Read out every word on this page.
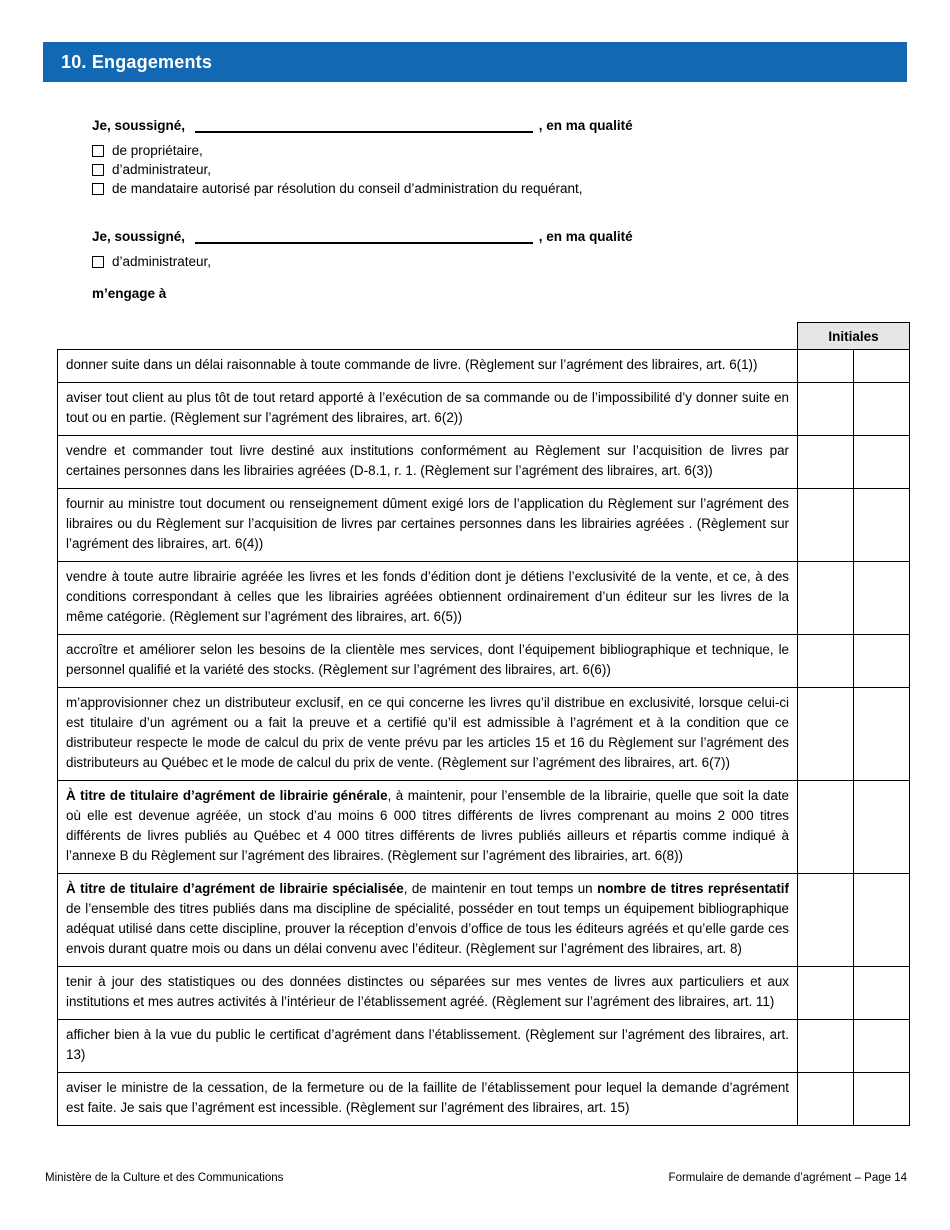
10. Engagements
Je, soussigné,	, en ma qualité
de propriétaire,
d’administrateur,
de mandataire autorisé par résolution du conseil d’administration du requérant,
Je, soussigné,	, en ma qualité
d’administrateur,
m’engage à
	Initiales	
donner suite dans un délai raisonnable à toute commande de livre. (Règlement sur l’agrément des libraires, art. 6(1))		
aviser tout client au plus tôt de tout retard apporté à l’exécution de sa commande ou de l’impossibilité d’y donner suite en tout ou en partie. (Règlement sur l’agrément des libraires, art. 6(2))		
vendre et commander tout livre destiné aux institutions conformément au Règlement sur l’acquisition de livres par certaines personnes dans les librairies agréées (D-8.1, r. 1. (Règlement sur l’agrément des libraires, art. 6(3))		
fournir au ministre tout document ou renseignement dûment exigé lors de l’application du Règlement sur l’agrément des libraires ou du Règlement sur l’acquisition de livres par certaines personnes dans les librairies agréées . (Règlement sur l’agrément des libraires, art. 6(4))		
vendre à toute autre librairie agréée les livres et les fonds d’édition dont je détiens l’exclusivité de la vente, et ce, à des conditions correspondant à celles que les librairies agréées obtiennent ordinairement d’un éditeur sur les livres de la même catégorie. (Règlement sur l’agrément des libraires, art. 6(5))		
accroître et améliorer selon les besoins de la clientèle mes services, dont l’équipement bibliographique et technique, le personnel qualifié et la variété des stocks. (Règlement sur l’agrément des libraires, art. 6(6))		
m’approvisionner chez un distributeur exclusif, en ce qui concerne les livres qu’il distribue en exclusivité, lorsque celui-ci est titulaire d’un agrément ou a fait la preuve et a certifié qu’il est admissible à l’agrément et à la condition que ce distributeur respecte le mode de calcul du prix de vente prévu par les articles 15 et 16 du Règlement sur l’agrément des distributeurs au Québec et le mode de calcul du prix de vente. (Règlement sur l’agrément des libraires, art. 6(7))		
À titre de titulaire d’agrément de librairie générale, à maintenir, pour l’ensemble de la librairie, quelle que soit la date où elle est devenue agréée, un stock d’au moins 6 000 titres différents de livres comprenant au moins 2 000 titres différents de livres publiés au Québec et 4 000 titres différents de livres publiés ailleurs et répartis comme indiqué à l’annexe B du Règlement sur l’agrément des libraires. (Règlement sur l’agrément des librairies, art. 6(8))		
À titre de titulaire d’agrément de librairie spécialisée, de maintenir en tout temps un nombre de titres représentatif de l’ensemble des titres publiés dans ma discipline de spécialité, posséder en tout temps un équipement bibliographique adéquat utilisé dans cette discipline, prouver la réception d’envois d’office de tous les éditeurs agréés et qu’elle garde ces envois durant quatre mois ou dans un délai convenu avec l’éditeur. (Règlement sur l’agrément des libraires, art. 8)		
tenir à jour des statistiques ou des données distinctes ou séparées sur mes ventes de livres aux particuliers et aux institutions et mes autres activités à l’intérieur de l’établissement agréé. (Règlement sur l’agrément des libraires, art. 11)		
afficher bien à la vue du public le certificat d’agrément dans l’établissement. (Règlement sur l’agrément des libraires, art. 13)		
aviser le ministre de la cessation, de la fermeture ou de la faillite de l’établissement pour lequel la demande d’agrément est faite. Je sais que l’agrément est incessible. (Règlement sur l’agrément des libraires, art. 15)		
Ministère de la Culture et des Communications	Formulaire de demande d’agrément – Page 14
